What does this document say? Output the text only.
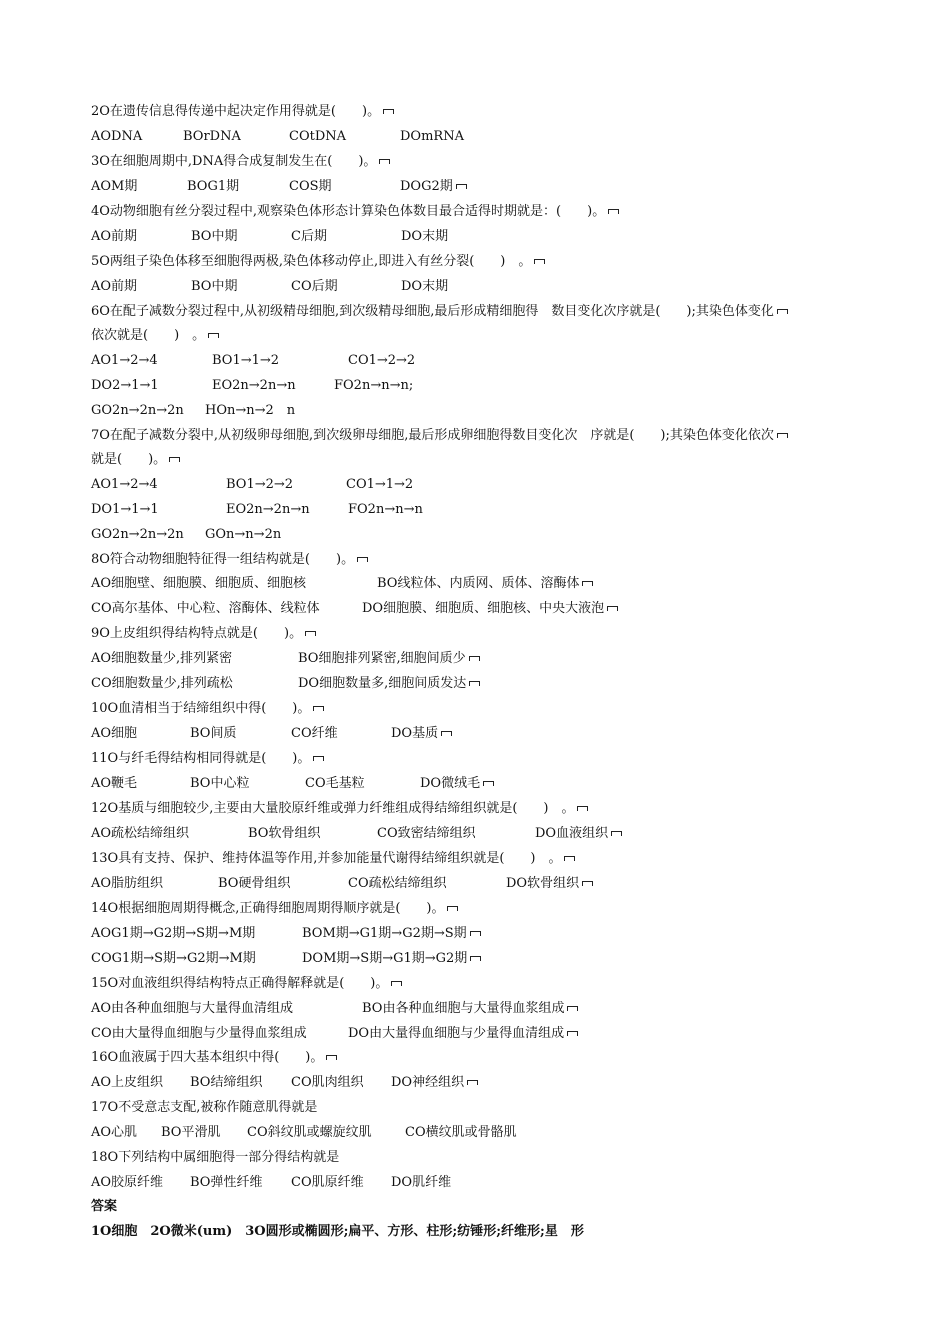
2O在遗传信息得传递中起决定作用得就是(　　)。
AODNA	BOrDNA	COtDNA	DOmRNA
3O在细胞周期中,DNA得合成复制发生在(　　)。
AOM期	BOG1期	COS期	DOG2期
4O动物细胞有丝分裂过程中,观察染色体形态计算染色体数目最合适得时期就是：(　　)。
AO前期	BO中期	C后期	DO末期
5O两组子染色体移至细胞得两极,染色体移动停止,即进入有丝分裂(　　)　。
AO前期	BO中期	CO后期	DO末期
6O在配子减数分裂过程中,从初级精母细胞,到次级精母细胞,最后形成精细胞得　数目变化次序就是(　　);其染色体变化
依次就是(　　)　。
AO1→2→4	BO1→1→2	CO1→2→2
DO2→1→1	EO2n→2n→n	FO2n→n→n;
GO2n→2n→2n HOn→n→2　n
7O在配子减数分裂中,从初级卵母细胞,到次级卵母细胞,最后形成卵细胞得数目变化次　序就是(　　);其染色体变化依次
就是(　　)。
AO1→2→4	BO1→2→2	CO1→1→2
DO1→1→1	EO2n→2n→n	FO2n→n→n
GO2n→2n→2n GOn→n→2n
8O符合动物细胞特征得一组结构就是(　　)。
AO细胞壁、细胞膜、细胞质、细胞核	BO线粒体、内质网、质体、溶酶体
CO高尔基体、中心粒、溶酶体、线粒体	DO细胞膜、细胞质、细胞核、中央大液泡
9O上皮组织得结构特点就是(　　)。
AO细胞数量少,排列紧密	BO细胞排列紧密,细胞间质少
CO细胞数量少,排列疏松	DO细胞数量多,细胞间质发达
10O血清相当于结缔组织中得(　　)。
AO细胞	BO间质	CO纤维	DO基质
11O与纤毛得结构相同得就是(　　)。
AO鞭毛	BO中心粒	CO毛基粒	DO微绒毛
12O基质与细胞较少,主要由大量胶原纤维或弹力纤维组成得结缔组织就是(　　)　。
AO疏松结缔组织	BO软骨组织	CO致密结缔组织	DO血液组织
13O具有支持、保护、维持体温等作用,并参加能量代谢得结缔组织就是(　　)　。
AO脂肪组织	BO硬骨组织	CO疏松结缔组织	DO软骨组织
14O根据细胞周期得概念,正确得细胞周期得顺序就是(　　)。
AOG1期→G2期→S期→M期	BOM期→G1期→G2期→S期
COG1期→S期→G2期→M期	DOM期→S期→G1期→G2期
15O对血液组织得结构特点正确得解释就是(　　)。
AO由各种血细胞与大量得血清组成	BO由各种血细胞与大量得血浆组成
CO由大量得血细胞与少量得血浆组成	DO由大量得血细胞与少量得血清组成
16O血液属于四大基本组织中得(　　)。
AO上皮组织 BO结缔组织 CO肌肉组织 DO神经组织
17O不受意志支配,被称作随意肌得就是
AO心肌 BO平滑肌 CO斜纹肌或螺旋纹肌	CO横纹肌或骨骼肌
18O下列结构中属细胞得一部分得结构就是
AO胶原纤维 BO弹性纤维 CO肌原纤维 DO肌纤维
答案
1O细胞　2O微米(um)　3O圆形或椭圆形;扁平、方形、柱形;纺锤形;纤维形;星　形
